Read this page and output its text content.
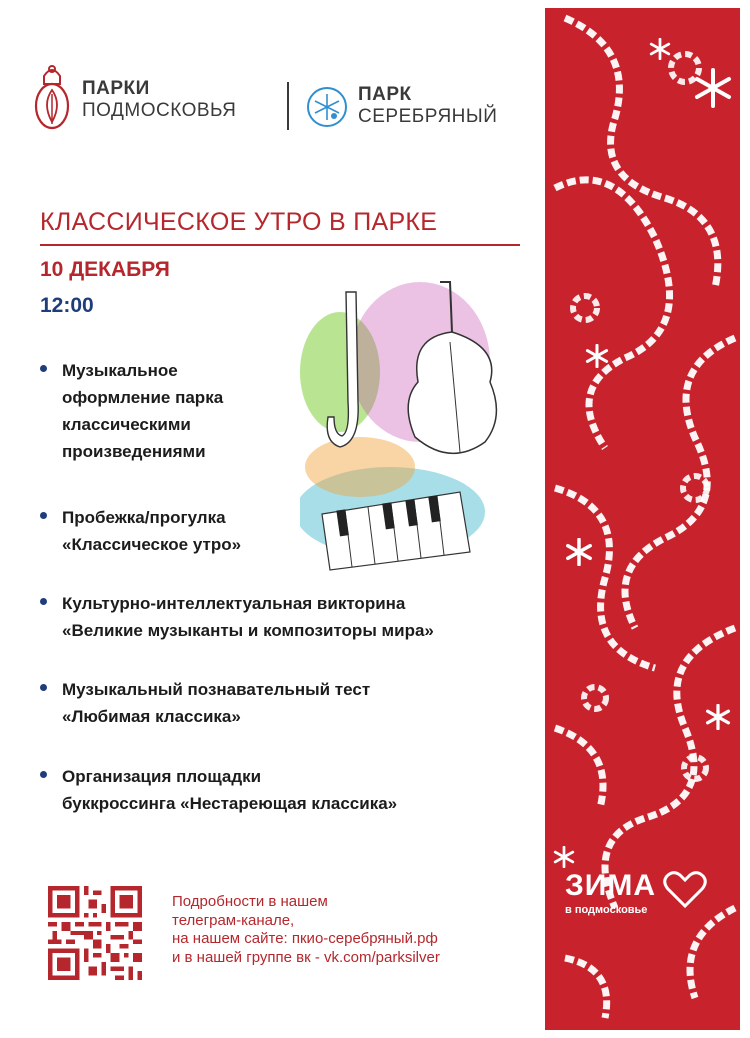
ПАРКИ
ПОДМОСКОВЬЯ
ПАРК
СЕРЕБРЯНЫЙ
КЛАССИЧЕСКОЕ УТРО В ПАРКЕ
10 ДЕКАБРЯ
12:00
Музыкальное
оформление парка
классическими
произведениями
Пробежка/прогулка
«Классическое утро»
Культурно-интеллектуальная викторина
«Великие музыканты и композиторы мира»
Музыкальный познавательный тест
«Любимая классика»
Организация площадки
буккроссинга «Нестареющая классика»
Подробности в нашем
телеграм-канале,
на нашем сайте: пкио-серебряный.рф
и в нашей группе вк - vk.com/parksilver
ЗИМА
в подмосковье
